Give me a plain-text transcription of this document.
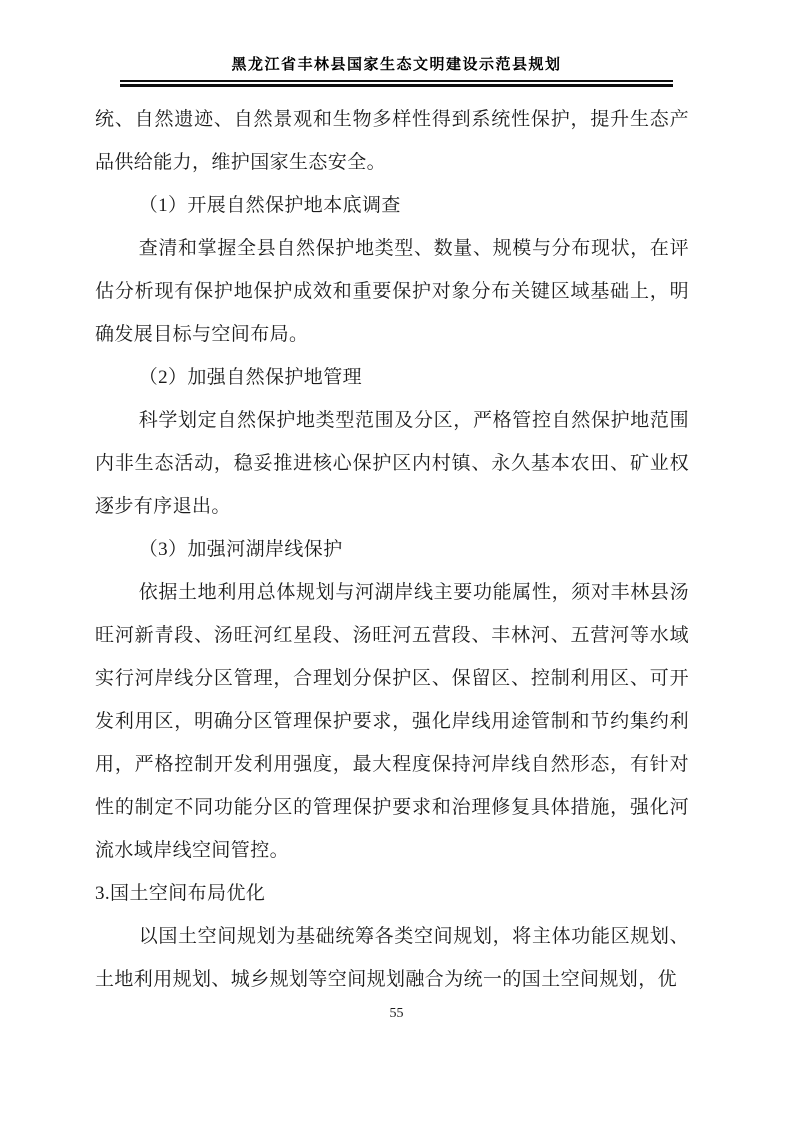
黑龙江省丰林县国家生态文明建设示范县规划

统、自然遗迹、自然景观和生物多样性得到系统性保护，提升生态产品供给能力，维护国家生态安全。

（1）开展自然保护地本底调查

查清和掌握全县自然保护地类型、数量、规模与分布现状，在评估分析现有保护地保护成效和重要保护对象分布关键区域基础上，明确发展目标与空间布局。

（2）加强自然保护地管理

科学划定自然保护地类型范围及分区，严格管控自然保护地范围内非生态活动，稳妥推进核心保护区内村镇、永久基本农田、矿业权逐步有序退出。

（3）加强河湖岸线保护

依据土地利用总体规划与河湖岸线主要功能属性，须对丰林县汤旺河新青段、汤旺河红星段、汤旺河五营段、丰林河、五营河等水域实行河岸线分区管理，合理划分保护区、保留区、控制利用区、可开发利用区，明确分区管理保护要求，强化岸线用途管制和节约集约利用，严格控制开发利用强度，最大程度保持河岸线自然形态，有针对性的制定不同功能分区的管理保护要求和治理修复具体措施，强化河流水域岸线空间管控。

3.国土空间布局优化

以国土空间规划为基础统筹各类空间规划，将主体功能区规划、土地利用规划、城乡规划等空间规划融合为统一的国土空间规划，优

55
